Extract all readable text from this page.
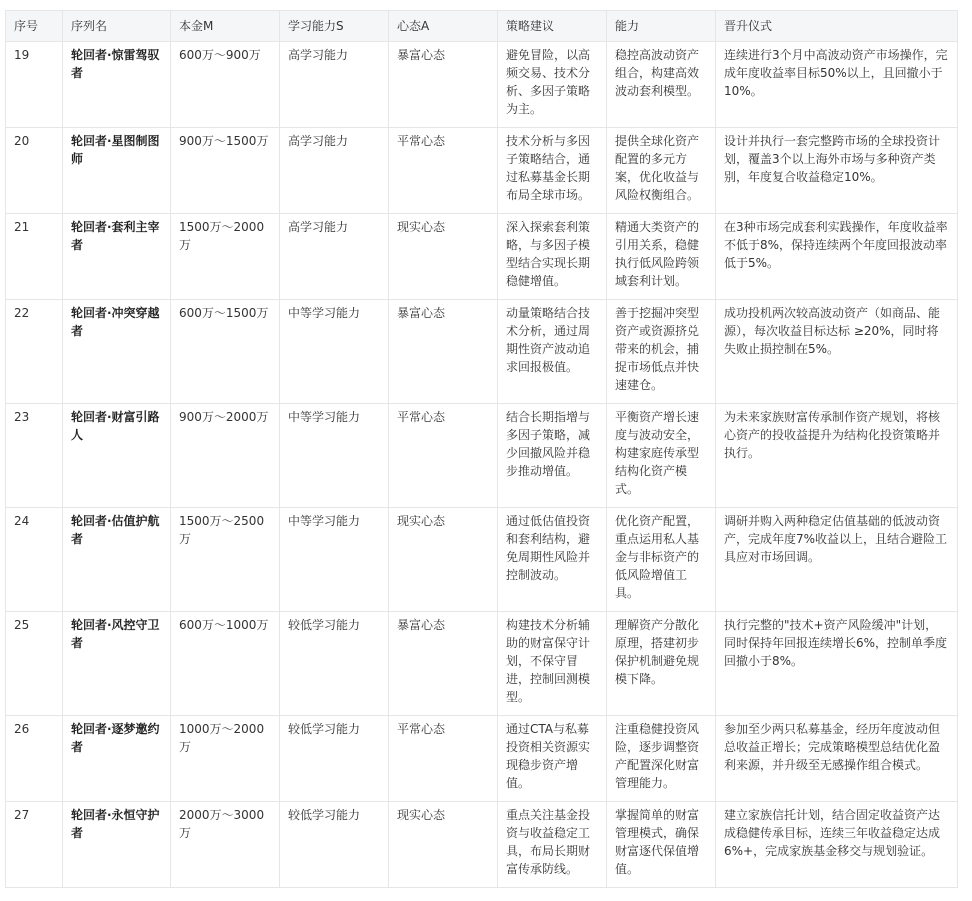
序号	序列名	本金M	学习能力S	心态A	策略建议	能力	晋升仪式
19	轮回者·惊雷驾驭者	600万～900万	高学习能力	暴富心态	避免冒险，以高频交易、技术分析、多因子策略为主。	稳控高波动资产组合，构建高效波动套利模型。	连续进行3个月中高波动资产市场操作，完成年度收益率目标50%以上，且回撤小于10%。
20	轮回者·星图制图师	900万～1500万	高学习能力	平常心态	技术分析与多因子策略结合，通过私募基金长期布局全球市场。	提供全球化资产配置的多元方案，优化收益与风险权衡组合。	设计并执行一套完整跨市场的全球投资计划，覆盖3个以上海外市场与多种资产类别，年度复合收益稳定10%。
21	轮回者·套利主宰者	1500万～2000万	高学习能力	现实心态	深入探索套利策略，与多因子模型结合实现长期稳健增值。	精通大类资产的引用关系，稳健执行低风险跨领域套利计划。	在3种市场完成套利实践操作，年度收益率不低于8%，保持连续两个年度回报波动率低于5%。
22	轮回者·冲突穿越者	600万～1500万	中等学习能力	暴富心态	动量策略结合技术分析，通过周期性资产波动追求回报极值。	善于挖掘冲突型资产或资源挤兑带来的机会，捕捉市场低点并快速建仓。	成功投机两次较高波动资产（如商品、能源），每次收益目标达标 ≥20%，同时将失败止损控制在5%。
23	轮回者·财富引路人	900万～2000万	中等学习能力	平常心态	结合长期指增与多因子策略，减少回撤风险并稳步推动增值。	平衡资产增长速度与波动安全，构建家庭传承型结构化资产模式。	为未来家族财富传承制作资产规划，将核心资产的投收益提升为结构化投资策略并执行。
24	轮回者·估值护航者	1500万～2500万	中等学习能力	现实心态	通过低估值投资和套利结构，避免周期性风险并控制波动。	优化资产配置，重点运用私人基金与非标资产的低风险增值工具。	调研并购入两种稳定估值基础的低波动资产，完成年度7%收益以上，且结合避险工具应对市场回调。
25	轮回者·风控守卫者	600万～1000万	较低学习能力	暴富心态	构建技术分析辅助的财富保守计划，不保守冒进，控制回测模型。	理解资产分散化原理，搭建初步保护机制避免规模下降。	执行完整的"技术+资产风险缓冲"计划，同时保持年回报连续增长6%，控制单季度回撤小于8%。
26	轮回者·逐梦邀约者	1000万～2000万	较低学习能力	平常心态	通过CTA与私募投资相关资源实现稳步资产增值。	注重稳健投资风险，逐步调整资产配置深化财富管理能力。	参加至少两只私募基金，经历年度波动但总收益正增长；完成策略模型总结优化盈利来源，并升级至无感操作组合模式。
27	轮回者·永恒守护者	2000万～3000万	较低学习能力	现实心态	重点关注基金投资与收益稳定工具，布局长期财富传承防线。	掌握简单的财富管理模式，确保财富逐代保值增值。	建立家族信托计划，结合固定收益资产达成稳健传承目标，连续三年收益稳定达成6%+，完成家族基金移交与规划验证。
